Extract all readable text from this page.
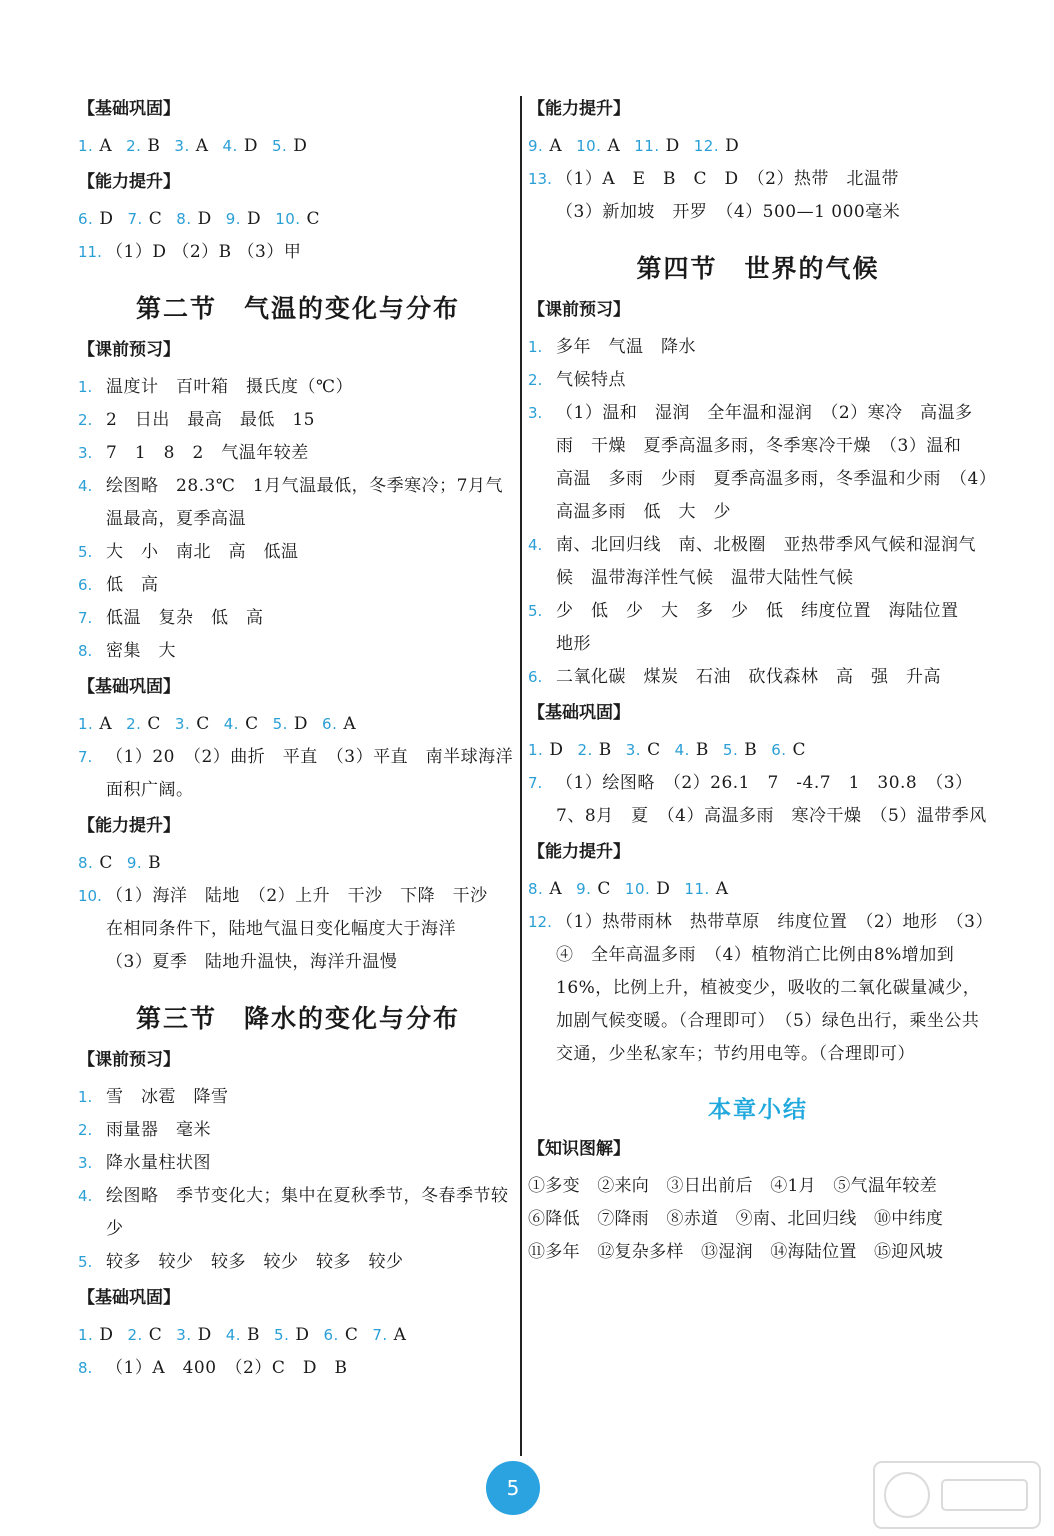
【基础巩固】
1. A 2. B 3. A 4. D 5. D
【能力提升】
6. D 7. C 8. D 9. D 10. C
11. （1）D （2）B （3）甲
第二节　气温的变化与分布
【课前预习】
1. 温度计　百叶箱　摄氏度（℃）
2. 2　日出　最高　最低　15
3. 7　1　8　2　气温年较差
4. 绘图略　28.3℃　1月气温最低，冬季寒冷；7月气温最高，夏季高温
5. 大　小　南北　高　低温
6. 低　高
7. 低温　复杂　低　高
8. 密集　大
【基础巩固】
1. A 2. C 3. C 4. C 5. D 6. A
7. （1）20　（2）曲折　平直　（3）平直　南半球海洋面积广阔。
【能力提升】
8. C 9. B
10. （1）海洋　陆地　（2）上升　干沙　下降　干沙
在相同条件下，陆地气温日变化幅度大于海洋
（3）夏季　陆地升温快，海洋升温慢
第三节　降水的变化与分布
【课前预习】
1. 雪　冰雹　降雪
2. 雨量器　毫米
3. 降水量柱状图
4. 绘图略　季节变化大；集中在夏秋季节，冬春季节较少
5. 较多　较少　较多　较少　较多　较少
【基础巩固】
1. D 2. C 3. D 4. B 5. D 6. C 7. A
8. （1）A　400　（2）C　D　B
【能力提升】
9. A 10. A 11. D 12. D
13. （1）A　E　B　C　D　（2）热带　北温带
（3）新加坡　开罗　（4）500—1 000毫米
第四节　世界的气候
【课前预习】
1. 多年　气温　降水
2. 气候特点
3. （1）温和　湿润　全年温和湿润　（2）寒冷　高温多雨　干燥　夏季高温多雨，冬季寒冷干燥　（3）温和　高温　多雨　少雨　夏季高温多雨，冬季温和少雨　（4）高温多雨　低　大　少
4. 南、北回归线　南、北极圈　亚热带季风气候和湿润气候　温带海洋性气候　温带大陆性气候
5. 少　低　少　大　多　少　低　纬度位置　海陆位置　地形
6. 二氧化碳　煤炭　石油　砍伐森林　高　强　升高
【基础巩固】
1. D 2. B 3. C 4. B 5. B 6. C
7. （1）绘图略　（2）26.1　7　-4.7　1　30.8　（3）7、8月　夏　（4）高温多雨　寒冷干燥　（5）温带季风
【能力提升】
8. A 9. C 10. D 11. A
12. （1）热带雨林　热带草原　纬度位置　（2）地形　（3）④　全年高温多雨　（4）植物消亡比例由8%增加到16%，比例上升，植被变少，吸收的二氧化碳量减少，加剧气候变暖。（合理即可）　（5）绿色出行，乘坐公共交通，少坐私家车；节约用电等。（合理即可）
本章小结
【知识图解】
①多变　②来向　③日出前后　④1月　⑤气温年较差
⑥降低　⑦降雨　⑧赤道　⑨南、北回归线　⑩中纬度
⑪多年　⑫复杂多样　⑬湿润　⑭海陆位置　⑮迎风坡
5
